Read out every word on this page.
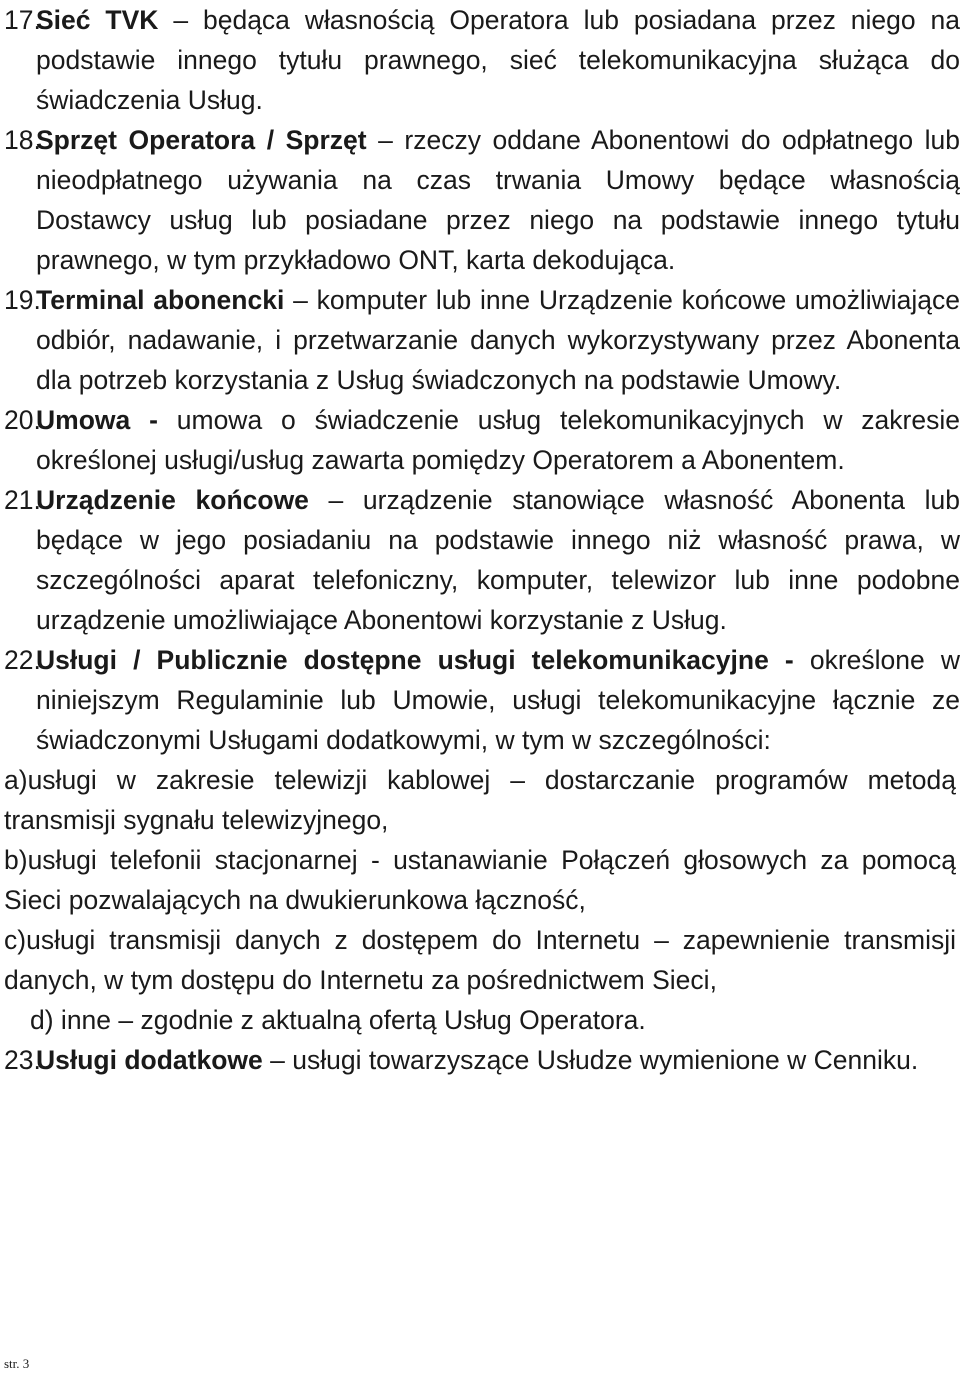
17.
Sieć TVK – będąca własnością Operatora lub posiadana przez niego na podstawie innego tytułu prawnego, sieć telekomunikacyjna służąca do świadczenia Usług.
18.
Sprzęt Operatora / Sprzęt – rzeczy oddane Abonentowi do odpłatnego lub nieodpłatnego używania na czas trwania Umowy będące własnością Dostawcy usług lub posiadane przez niego na podstawie innego tytułu prawnego, w tym przykładowo ONT, karta dekodująca.
19.
Terminal abonencki – komputer lub inne Urządzenie końcowe umożliwiające odbiór, nadawanie, i przetwarzanie danych wykorzystywany przez Abonenta dla potrzeb korzystania z Usług świadczonych na podstawie Umowy.
20.
Umowa - umowa o świadczenie usług telekomunikacyjnych w zakresie określonej usługi/usług zawarta pomiędzy Operatorem a Abonentem.
21.
Urządzenie końcowe – urządzenie stanowiące własność Abonenta lub będące w jego posiadaniu na podstawie innego niż własność prawa, w szczególności aparat telefoniczny, komputer, telewizor lub inne podobne urządzenie umożliwiające Abonentowi korzystanie z Usług.
22.
Usługi / Publicznie dostępne usługi telekomunikacyjne - określone w niniejszym Regulaminie lub Umowie, usługi telekomunikacyjne łącznie ze świadczonymi Usługami dodatkowymi, w tym w szczególności:
a)usługi w zakresie telewizji kablowej – dostarczanie programów metodą transmisji sygnału telewizyjnego,
b)usługi telefonii stacjonarnej - ustanawianie Połączeń głosowych za pomocą Sieci pozwalających na dwukierunkowa łączność,
c)usługi transmisji danych z dostępem do Internetu – zapewnienie transmisji danych, w tym dostępu do Internetu za pośrednictwem Sieci,
d) inne – zgodnie z aktualną ofertą Usług Operatora.
23.
Usługi dodatkowe – usługi towarzyszące Usłudze wymienione w Cenniku.
str. 3
